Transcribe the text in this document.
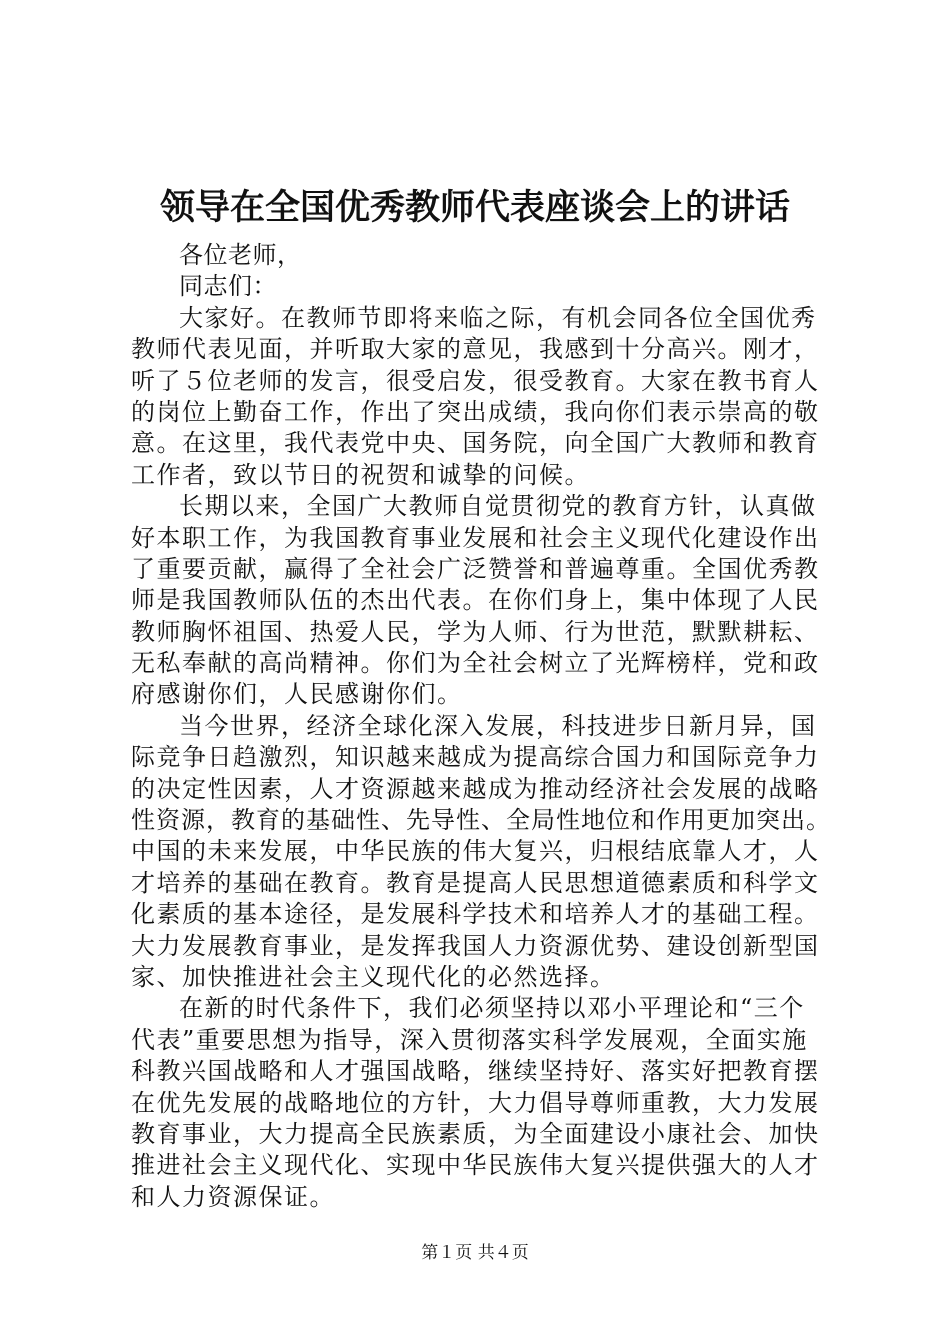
领导在全国优秀教师代表座谈会上的讲话
各位老师，
同志们：
大家好。在教师节即将来临之际，有机会同各位全国优秀
教师代表见面，并听取大家的意见，我感到十分高兴。刚才，
听了５位老师的发言，很受启发，很受教育。大家在教书育人
的岗位上勤奋工作，作出了突出成绩，我向你们表示崇高的敬
意。在这里，我代表党中央、国务院，向全国广大教师和教育
工作者，致以节日的祝贺和诚挚的问候。
长期以来，全国广大教师自觉贯彻党的教育方针，认真做
好本职工作，为我国教育事业发展和社会主义现代化建设作出
了重要贡献，赢得了全社会广泛赞誉和普遍尊重。全国优秀教
师是我国教师队伍的杰出代表。在你们身上，集中体现了人民
教师胸怀祖国、热爱人民，学为人师、行为世范，默默耕耘、
无私奉献的高尚精神。你们为全社会树立了光辉榜样，党和政
府感谢你们，人民感谢你们。
当今世界，经济全球化深入发展，科技进步日新月异，国
际竞争日趋激烈，知识越来越成为提高综合国力和国际竞争力
的决定性因素，人才资源越来越成为推动经济社会发展的战略
性资源，教育的基础性、先导性、全局性地位和作用更加突出。
中国的未来发展，中华民族的伟大复兴，归根结底靠人才，人
才培养的基础在教育。教育是提高人民思想道德素质和科学文
化素质的基本途径，是发展科学技术和培养人才的基础工程。
大力发展教育事业，是发挥我国人力资源优势、建设创新型国
家、加快推进社会主义现代化的必然选择。
在新的时代条件下，我们必须坚持以邓小平理论和“三个
代表”重要思想为指导，深入贯彻落实科学发展观，全面实施
科教兴国战略和人才强国战略，继续坚持好、落实好把教育摆
在优先发展的战略地位的方针，大力倡导尊师重教，大力发展
教育事业，大力提高全民族素质，为全面建设小康社会、加快
推进社会主义现代化、实现中华民族伟大复兴提供强大的人才
和人力资源保证。
第１页 共４页
